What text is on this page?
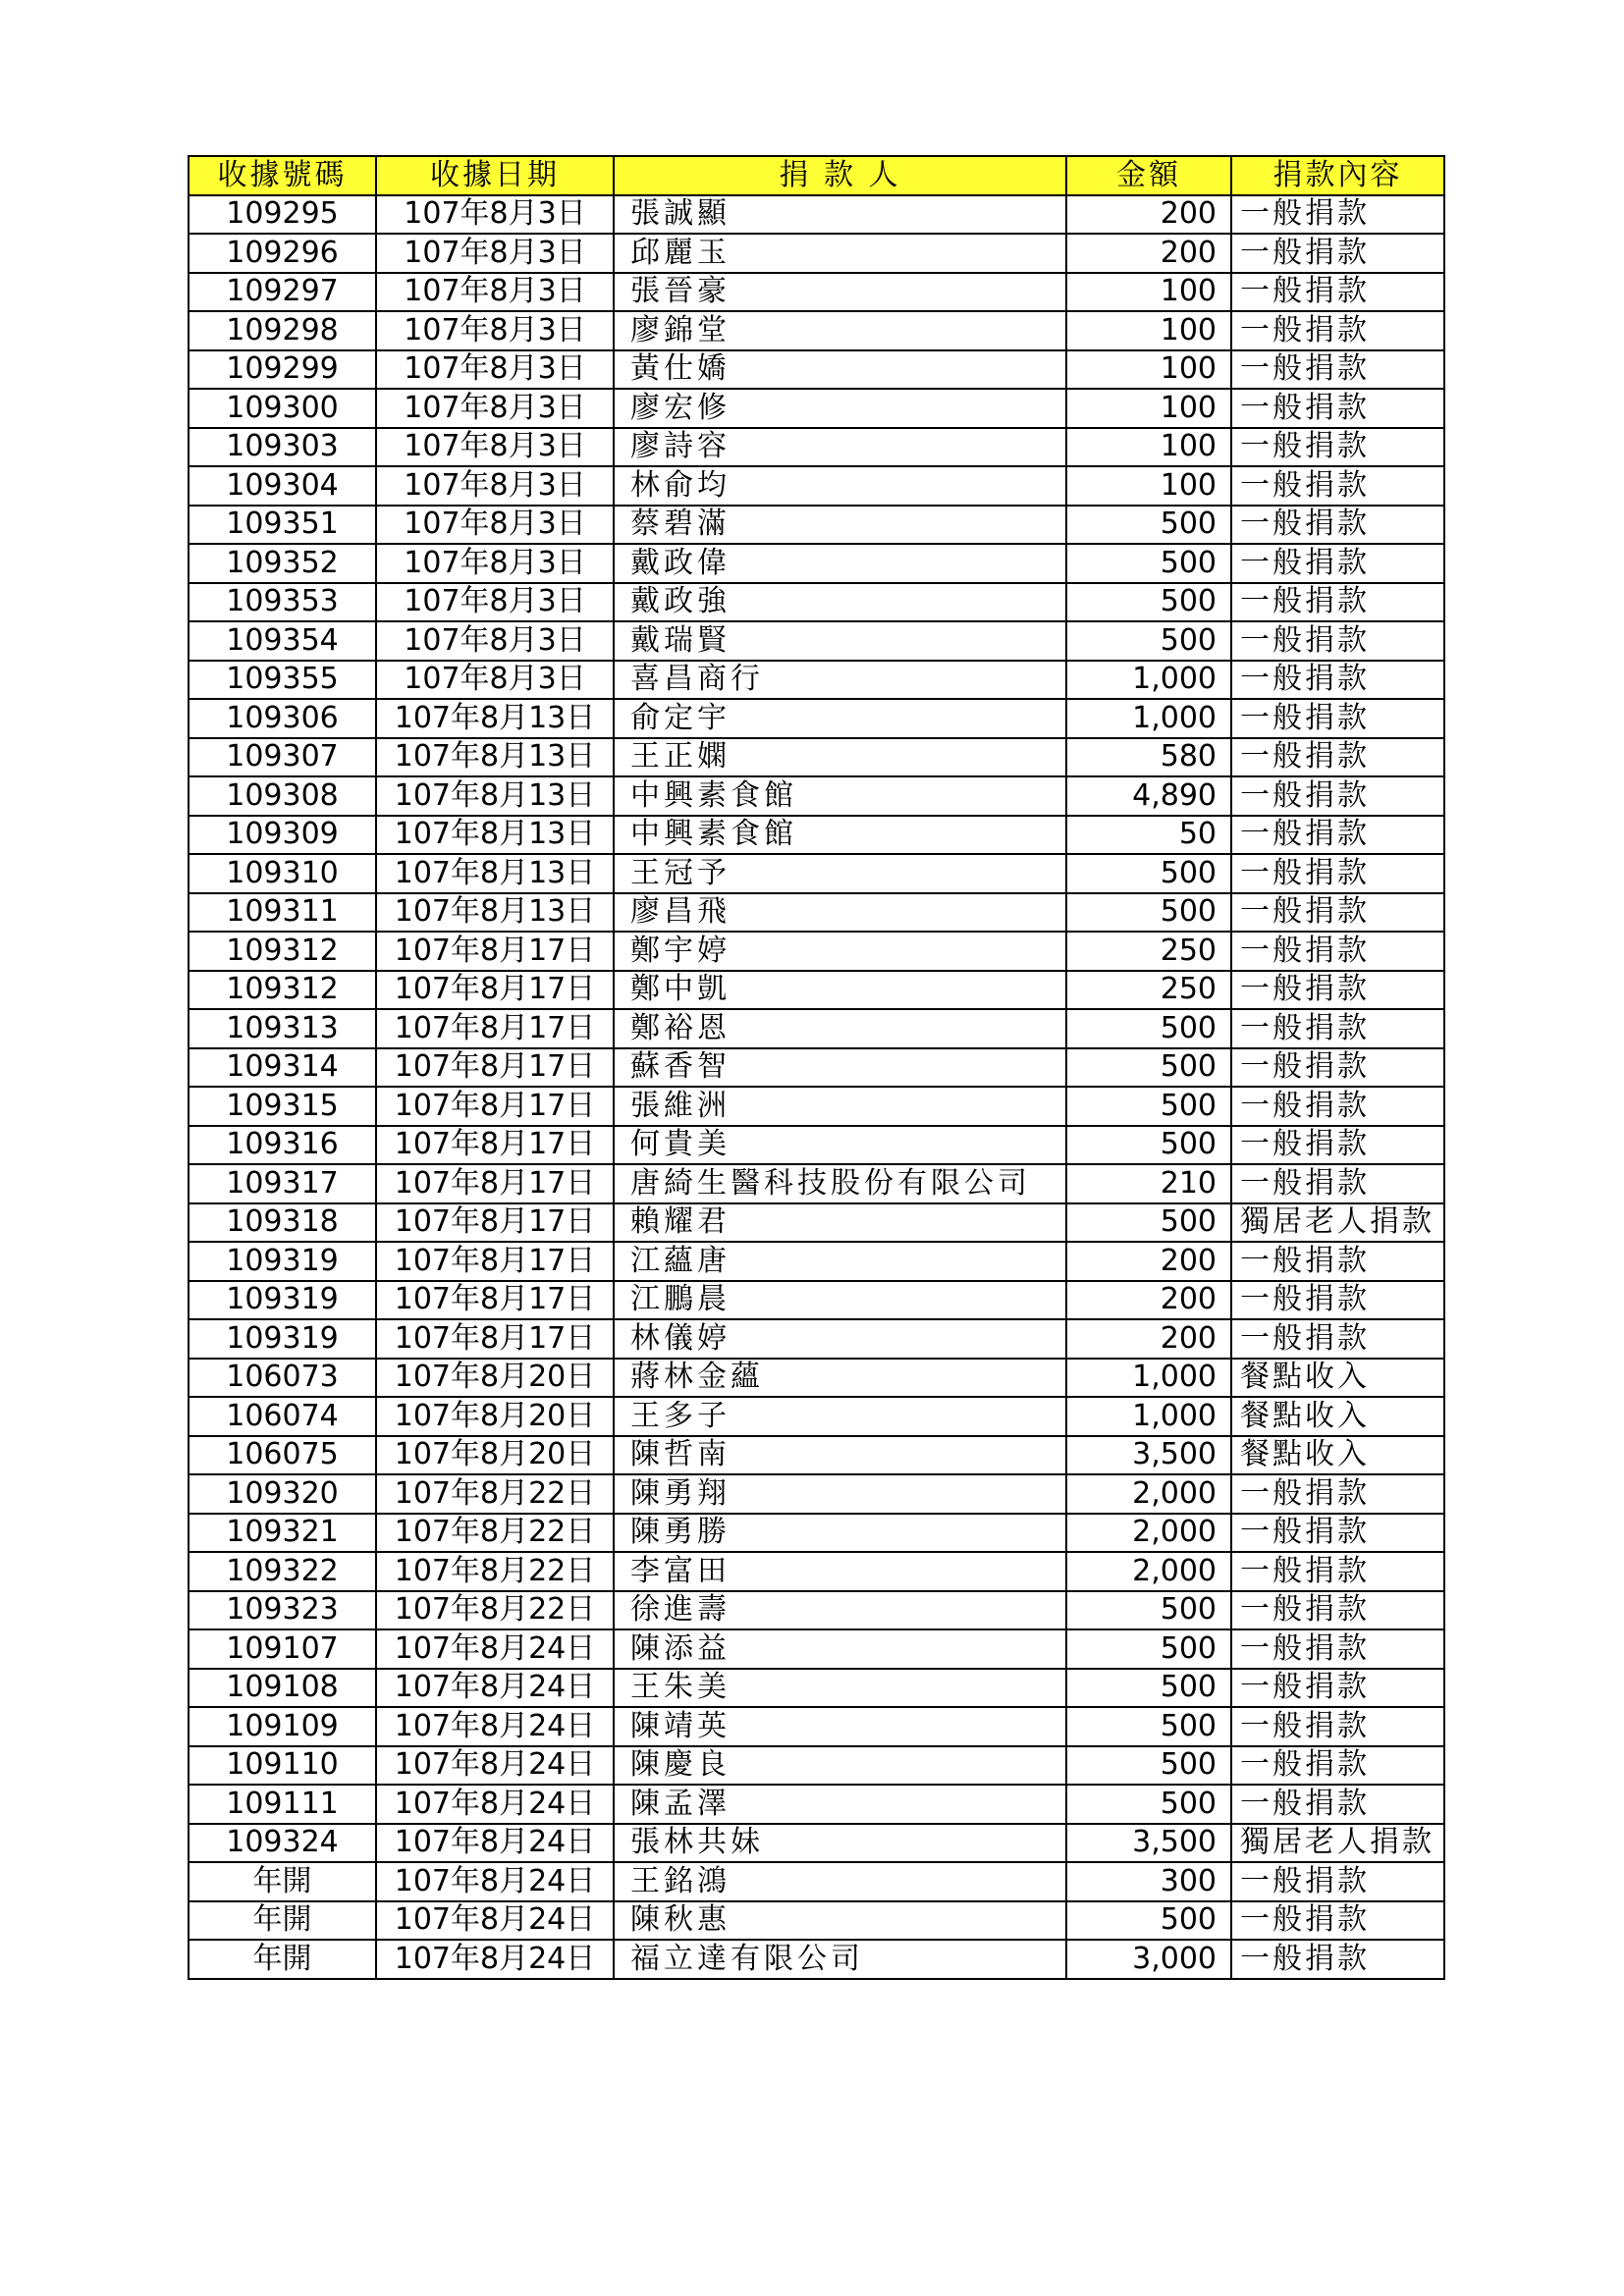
收據號碼	收據日期	捐 款 人	金額	捐款內容
109295	107年8月3日	張誠顯	200	一般捐款
109296	107年8月3日	邱麗玉	200	一般捐款
109297	107年8月3日	張晉豪	100	一般捐款
109298	107年8月3日	廖錦堂	100	一般捐款
109299	107年8月3日	黃仕嬌	100	一般捐款
109300	107年8月3日	廖宏修	100	一般捐款
109303	107年8月3日	廖詩容	100	一般捐款
109304	107年8月3日	林俞均	100	一般捐款
109351	107年8月3日	蔡碧滿	500	一般捐款
109352	107年8月3日	戴政偉	500	一般捐款
109353	107年8月3日	戴政強	500	一般捐款
109354	107年8月3日	戴瑞賢	500	一般捐款
109355	107年8月3日	喜昌商行	1,000	一般捐款
109306	107年8月13日	俞定宇	1,000	一般捐款
109307	107年8月13日	王正嫻	580	一般捐款
109308	107年8月13日	中興素食館	4,890	一般捐款
109309	107年8月13日	中興素食館	50	一般捐款
109310	107年8月13日	王冠予	500	一般捐款
109311	107年8月13日	廖昌飛	500	一般捐款
109312	107年8月17日	鄭宇婷	250	一般捐款
109312	107年8月17日	鄭中凱	250	一般捐款
109313	107年8月17日	鄭裕恩	500	一般捐款
109314	107年8月17日	蘇香智	500	一般捐款
109315	107年8月17日	張維洲	500	一般捐款
109316	107年8月17日	何貴美	500	一般捐款
109317	107年8月17日	唐綺生醫科技股份有限公司	210	一般捐款
109318	107年8月17日	賴耀君	500	獨居老人捐款
109319	107年8月17日	江蘊唐	200	一般捐款
109319	107年8月17日	江鵬晨	200	一般捐款
109319	107年8月17日	林儀婷	200	一般捐款
106073	107年8月20日	蔣林金蘊	1,000	餐點收入
106074	107年8月20日	王多子	1,000	餐點收入
106075	107年8月20日	陳哲南	3,500	餐點收入
109320	107年8月22日	陳勇翔	2,000	一般捐款
109321	107年8月22日	陳勇勝	2,000	一般捐款
109322	107年8月22日	李富田	2,000	一般捐款
109323	107年8月22日	徐進壽	500	一般捐款
109107	107年8月24日	陳添益	500	一般捐款
109108	107年8月24日	王朱美	500	一般捐款
109109	107年8月24日	陳靖英	500	一般捐款
109110	107年8月24日	陳慶良	500	一般捐款
109111	107年8月24日	陳孟澤	500	一般捐款
109324	107年8月24日	張林共妹	3,500	獨居老人捐款
年開	107年8月24日	王銘鴻	300	一般捐款
年開	107年8月24日	陳秋惠	500	一般捐款
年開	107年8月24日	福立達有限公司	3,000	一般捐款
